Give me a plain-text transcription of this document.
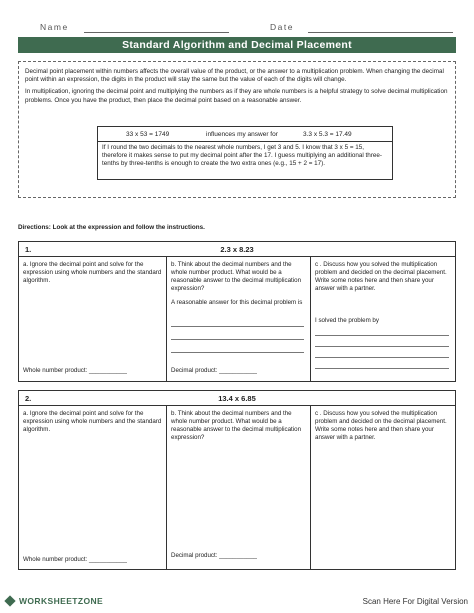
Name	Date
Standard Algorithm and Decimal Placement

Decimal point placement within numbers affects the overall value of the product, or the answer to a multiplication problem. When changing the decimal point within an expression, the digits in the product will stay the same but the value of each of the digits will change.

In multiplication, ignoring the decimal point and multiplying the numbers as if they are whole numbers is a helpful strategy to solve decimal multiplication problems. Once you have the product, then place the decimal point based on a reasonable answer.

33 x 53 = 1749	influences my answer for	3.3 x 5.3 = 17.49
If I round the two decimals to the nearest whole numbers, I get 3 and 5. I know that 3 x 5 = 15, therefore it makes sense to put my decimal point after the 17. I guess multiplying an additional three-tenths by three-tenths is enough to create the two extra ones (e.g., 15 + 2 = 17).
Directions: Look at the expression and follow the instructions.
2.3 x 8.23
1.
a. Ignore the decimal point and solve for the expression using whole numbers and the standard algorithm.
Whole number product: ___________
b. Think about the decimal numbers and the whole number product. What would be a reasonable answer to the decimal multiplication expression?
A reasonable answer for this decimal problem is
Decimal product: ___________
c . Discuss how you solved the multiplication problem and decided on the decimal placement. Write some notes here and then share your answer with a partner.
I solved the problem by
13.4 x 6.85
2.
a. Ignore the decimal point and solve for the expression using whole numbers and the standard algorithm.
Whole number product: ___________
b. Think about the decimal numbers and the whole number product. What would be a reasonable answer to the decimal multiplication expression?
Decimal product: ___________
c . Discuss how you solved the multiplication problem and decided on the decimal placement. Write some notes here and then share your answer with a partner.
WORKSHEETZONE	Scan Here For Digital Version
